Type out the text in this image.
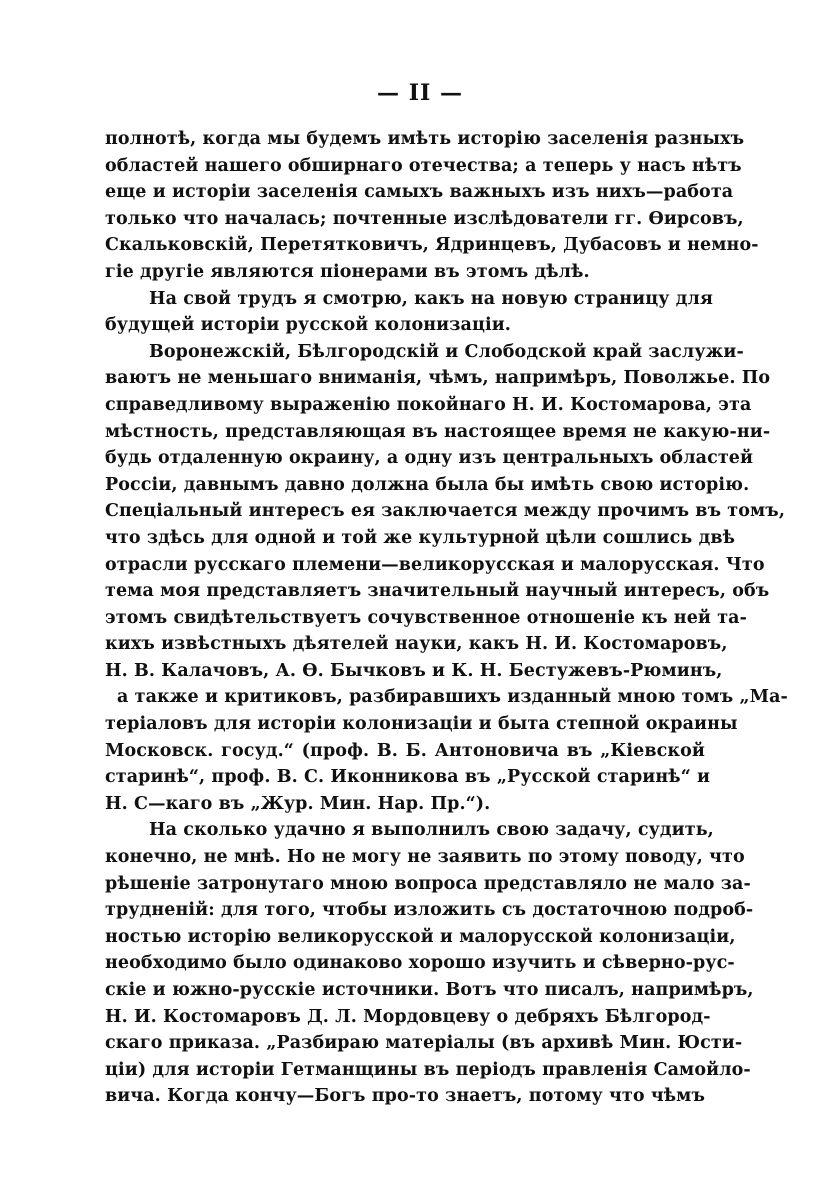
— II —
полнотѣ, когда мы будемъ имѣть исторію заселенія разныхъ
областей нашего обширнаго отечества; а теперь у насъ нѣтъ
еще и исторіи заселенія самыхъ важныхъ изъ нихъ—работа
только что началась; почтенные изслѣдователи гг. Ѳирсовъ,
Скальковскій, Перетятковичъ, Ядринцевъ, Дубасовъ и немно-
гіе другіе являются піонерами въ этомъ дѣлѣ.
На свой трудъ я смотрю, какъ на новую страницу для
будущей исторіи русской колонизаціи.
Воронежскій, Бѣлгородскій и Слободской край заслужи-
ваютъ не меньшаго вниманія, чѣмъ, напримѣръ, Поволжье. По
справедливому выраженію покойнаго Н. И. Костомарова, эта
мѣстность, представляющая въ настоящее время не какую-ни-
будь отдаленную окраину, а одну изъ центральныхъ областей
Россіи, давнымъ давно должна была бы имѣть свою исторію.
Спеціальный интересъ ея заключается между прочимъ въ томъ,
что здѣсь для одной и той же культурной цѣли сошлись двѣ
отрасли русскаго племени—великорусская и малорусская. Что
тема моя представляетъ значительный научный интересъ, объ
этомъ свидѣтельствуетъ сочувственное отношеніе къ ней та-
кихъ извѣстныхъ дѣятелей науки, какъ Н. И. Костомаровъ,
Н. В. Калачовъ, А. Ѳ. Бычковъ и К. Н. Бестужевъ-Рюминъ,
а также и критиковъ, разбиравшихъ изданный мною томъ „Ма-
теріаловъ для исторіи колонизаціи и быта степной окраины
Московск. госуд.“ (проф. В. Б. Антоновича въ „Кіевской
старинѣ“, проф. В. С. Иконникова въ „Русской старинѣ“ и
Н. С—каго въ „Жур. Мин. Нар. Пр.“).
На сколько удачно я выполнилъ свою задачу, судить,
конечно, не мнѣ. Но не могу не заявить по этому поводу, что
рѣшеніе затронутаго мною вопроса представляло не мало за-
трудненій: для того, чтобы изложить съ достаточною подроб-
ностью исторію великорусской и малорусской колонизаціи,
необходимо было одинаково хорошо изучить и сѣверно-рус-
скіе и южно-русскіе источники. Вотъ что писалъ, напримѣръ,
Н. И. Костомаровъ Д. Л. Мордовцеву о дебряхъ Бѣлгород-
скаго приказа. „Разбираю матеріалы (въ архивѣ Мин. Юсти-
ціи) для исторіи Гетманщины въ періодъ правленія Самойло-
вича. Когда кончу—Богъ про-то знаетъ, потому что чѣмъ
